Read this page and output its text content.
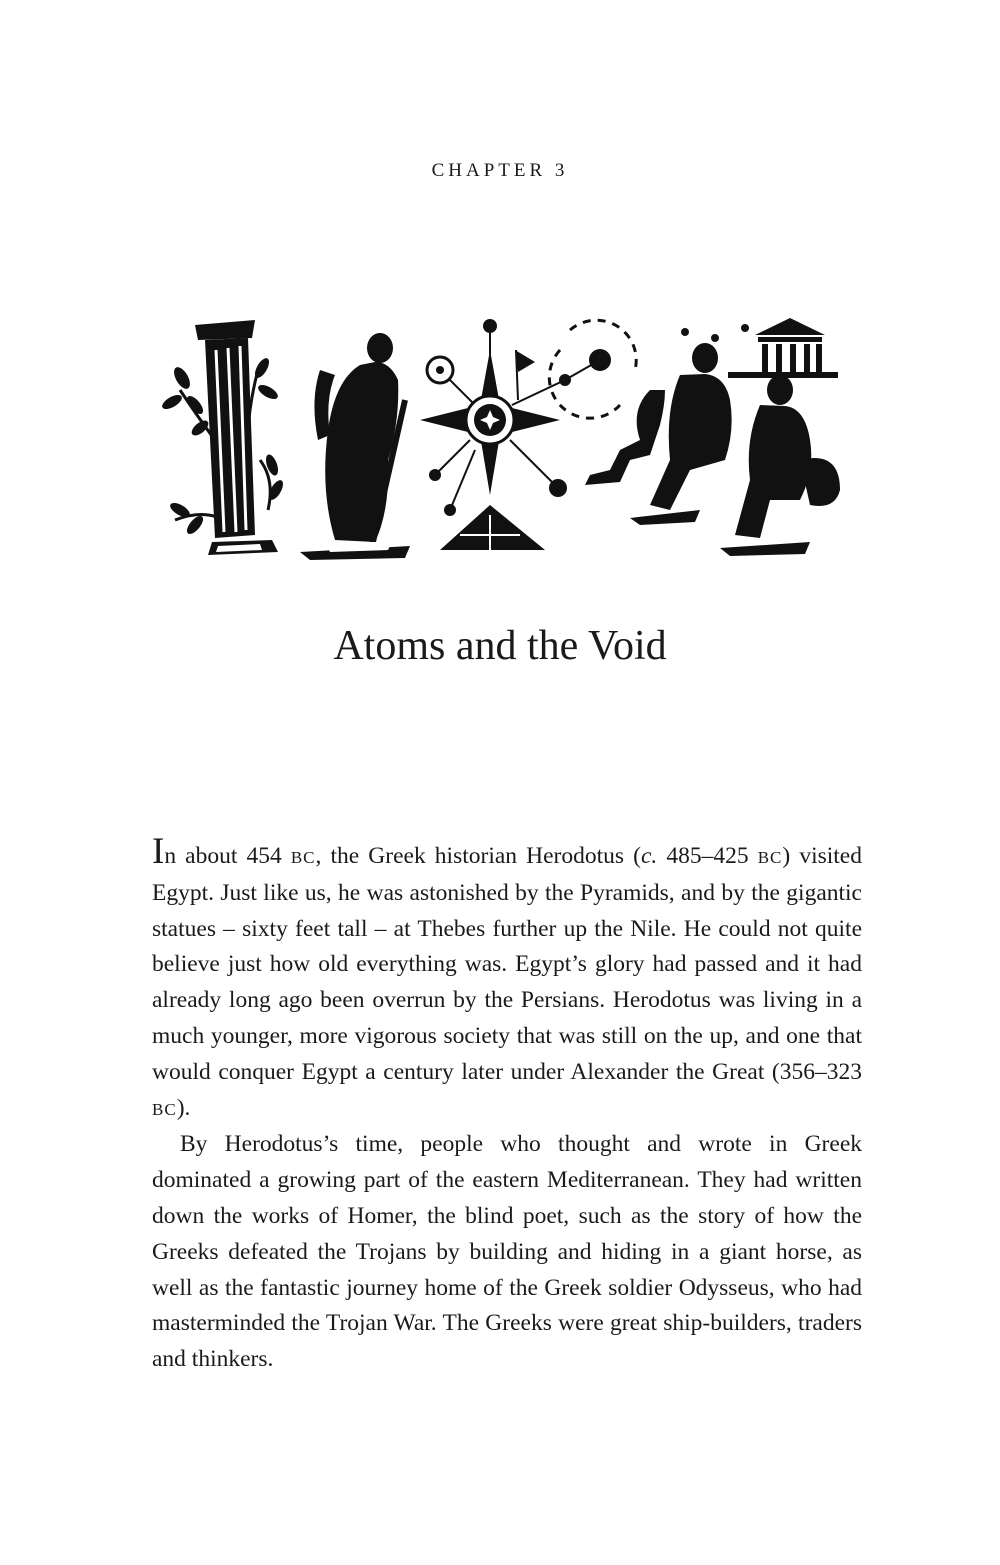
CHAPTER 3
Atoms and the Void

In about 454 BC, the Greek historian Herodotus (c. 485–425 BC) visited Egypt. Just like us, he was astonished by the Pyramids, and by the gigantic statues – sixty feet tall – at Thebes further up the Nile. He could not quite believe just how old everything was. Egypt’s glory had passed and it had already long ago been overrun by the Persians. Herodotus was living in a much younger, more vigorous society that was still on the up, and one that would conquer Egypt a century later under Alexander the Great (356–323 BC).

By Herodotus’s time, people who thought and wrote in Greek dominated a growing part of the eastern Mediterranean. They had written down the works of Homer, the blind poet, such as the story of how the Greeks defeated the Trojans by building and hiding in a giant horse, as well as the fantastic journey home of the Greek soldier Odysseus, who had masterminded the Trojan War. The Greeks were great ship-builders, traders and thinkers.
